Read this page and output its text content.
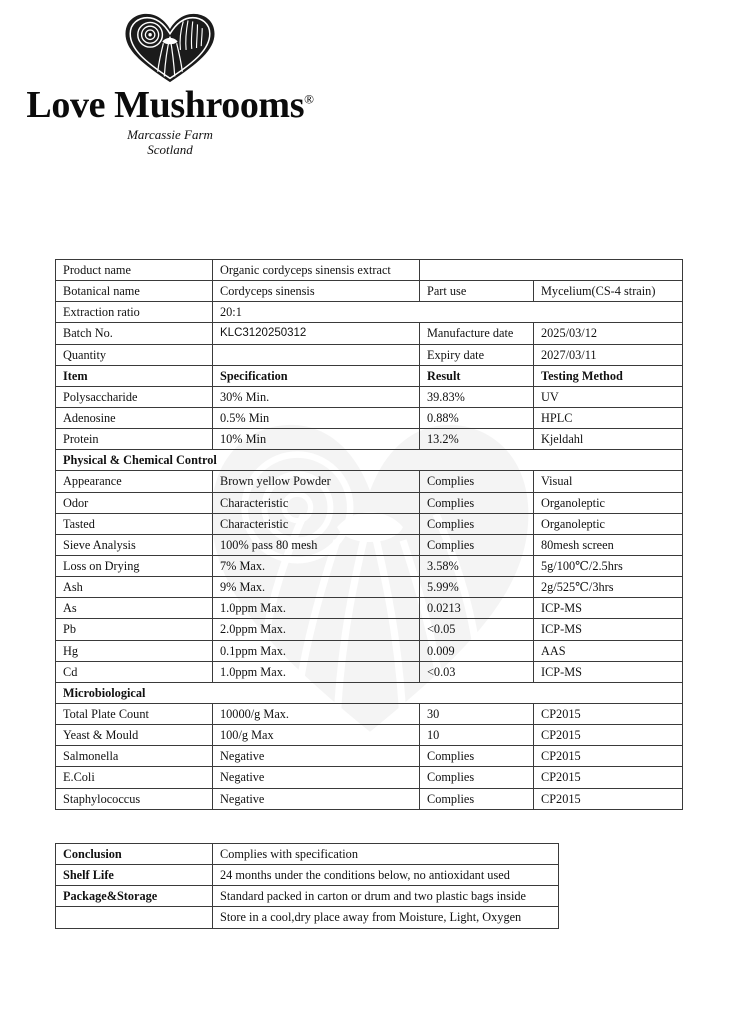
Love Mushrooms®
Marcassie Farm
Scotland
Product name	Organic cordyceps sinensis extract		
Botanical name	Cordyceps sinensis	Part use	Mycelium(CS-4 strain)
Extraction ratio	20:1		
Batch No.	KLC3120250312	Manufacture date	2025/03/12
Quantity		Expiry date	2027/03/11
Item	Specification	Result	Testing Method
Polysaccharide	30% Min.	39.83%	UV
Adenosine	0.5% Min	0.88%	HPLC
Protein	10% Min	13.2%	Kjeldahl
Physical & Chemical Control			
Appearance	Brown yellow Powder	Complies	Visual
Odor	Characteristic	Complies	Organoleptic
Tasted	Characteristic	Complies	Organoleptic
Sieve Analysis	100% pass 80 mesh	Complies	80mesh screen
Loss on Drying	7% Max.	3.58%	5g/100℃/2.5hrs
Ash	9% Max.	5.99%	2g/525℃/3hrs
As	1.0ppm Max.	0.0213	ICP-MS
Pb	2.0ppm Max.	<0.05	ICP-MS
Hg	0.1ppm Max.	0.009	AAS
Cd	1.0ppm Max.	<0.03	ICP-MS
Microbiological			
Total Plate Count	10000/g Max.	30	CP2015
Yeast & Mould	100/g Max	10	CP2015
Salmonella	Negative	Complies	CP2015
E.Coli	Negative	Complies	CP2015
Staphylococcus	Negative	Complies	CP2015
Conclusion	Complies with specification
Shelf Life	24 months under the conditions below, no antioxidant used
Package&Storage	Standard packed in carton or drum and two plastic bags inside
	Store in a cool,dry place away from Moisture, Light, Oxygen
